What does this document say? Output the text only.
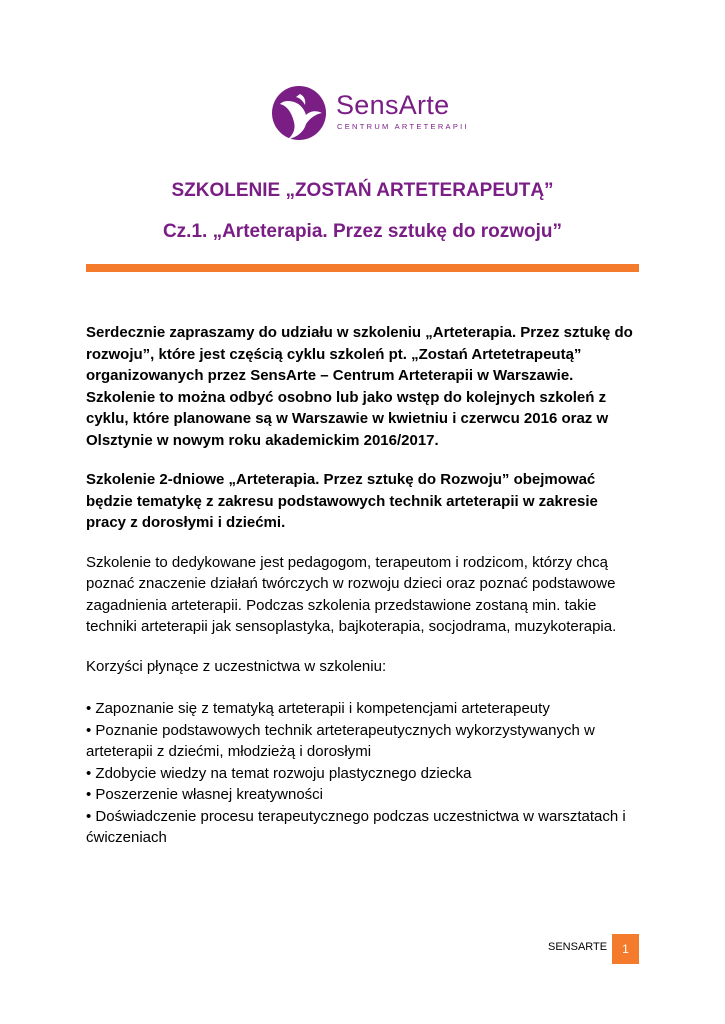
SensArte
CENTRUM ARTETERAPII
SZKOLENIE „ZOSTAŃ ARTETERAPEUTĄ”
Cz.1. „Arteterapia. Przez sztukę do rozwoju”

Serdecznie zapraszamy do udziału w szkoleniu „Arteterapia. Przez sztukę do rozwoju”, które jest częścią cyklu szkoleń pt. „Zostań Artetetrapeutą” organizowanych przez SensArte – Centrum Arteterapii w Warszawie. Szkolenie to można odbyć osobno lub jako wstęp do kolejnych szkoleń z cyklu, które planowane są w Warszawie w kwietniu i czerwcu 2016 oraz w Olsztynie w nowym roku akademickim 2016/2017.

Szkolenie 2-dniowe „Arteterapia. Przez sztukę do Rozwoju” obejmować będzie tematykę z zakresu podstawowych technik arteterapii w zakresie pracy z dorosłymi i dziećmi.

Szkolenie to dedykowane jest pedagogom, terapeutom i rodzicom, którzy chcą poznać znaczenie działań twórczych w rozwoju dzieci oraz poznać podstawowe zagadnienia arteterapii. Podczas szkolenia przedstawione zostaną min. takie techniki arteterapii jak sensoplastyka, bajkoterapia, socjodrama, muzykoterapia.

Korzyści płynące z uczestnictwa w szkoleniu:

• Zapoznanie się z tematyką arteterapii i kompetencjami arteterapeuty
• Poznanie podstawowych technik arteterapeutycznych wykorzystywanych w arteterapii z dziećmi, młodzieżą i dorosłymi
• Zdobycie wiedzy na temat rozwoju plastycznego dziecka
• Poszerzenie własnej kreatywności
• Doświadczenie procesu terapeutycznego podczas uczestnictwa w warsztatach i ćwiczeniach
SENSARTE	1
